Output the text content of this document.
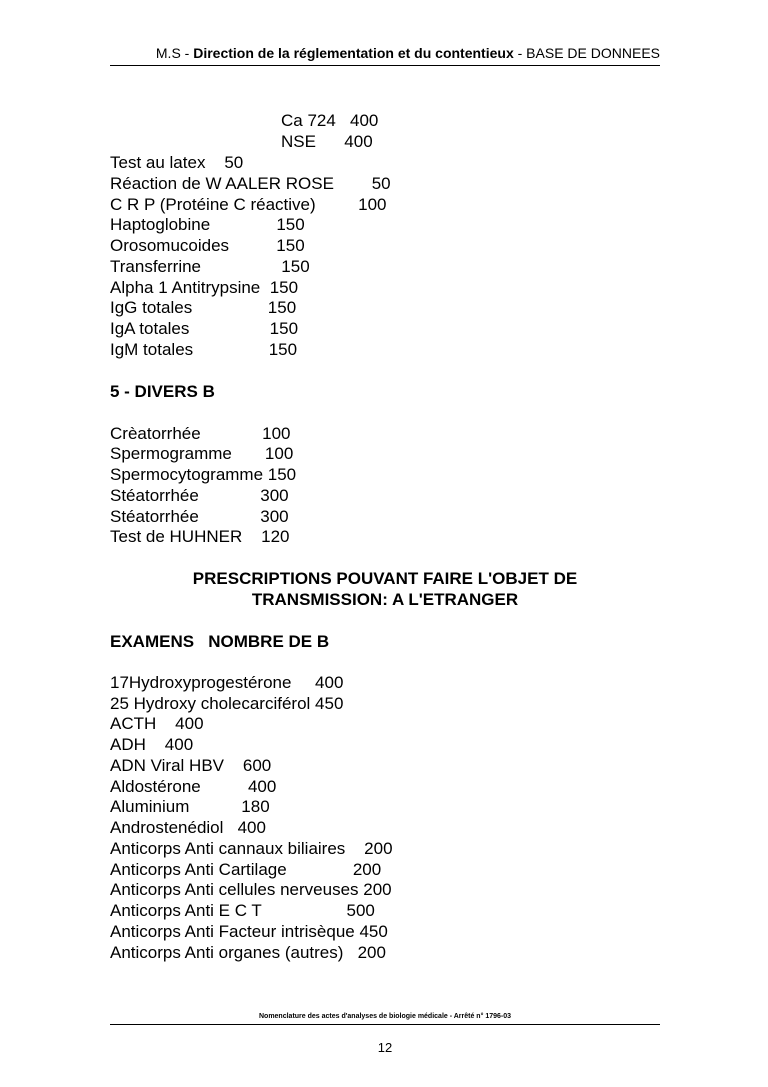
M.S - Direction de la réglementation et du contentieux - BASE DE DONNEES
Ca 724   400
NSE      400
Test au latex    50
Réaction de W AALER ROSE        50
C R P (Protéine C réactive)         100
Haptoglobine              150
Orosomucoides          150
Transferrine                 150
Alpha 1 Antitrypsine  150
IgG totales                150
IgA totales                 150
IgM totales                150
5 - DIVERS B
Crèatorrhée             100
Spermogramme       100
Spermocytogramme 150
Stéatorrhée             300
Stéatorrhée             300
Test de HUHNER    120
PRESCRIPTIONS POUVANT FAIRE L'OBJET DE
TRANSMISSION: A L'ETRANGER
EXAMENS   NOMBRE DE B
17Hydroxyprogestérone     400
25 Hydroxy cholecarciférol 450
ACTH    400
ADH    400
ADN Viral HBV    600
Aldostérone          400
Aluminium           180
Androstenédiol   400
Anticorps Anti cannaux biliaires    200
Anticorps Anti Cartilage              200
Anticorps Anti cellules nerveuses 200
Anticorps Anti E C T                  500
Anticorps Anti Facteur intrisèque 450
Anticorps Anti organes (autres)   200
Nomenclature des actes d'analyses de biologie médicale - Arrêté n° 1796-03
12
